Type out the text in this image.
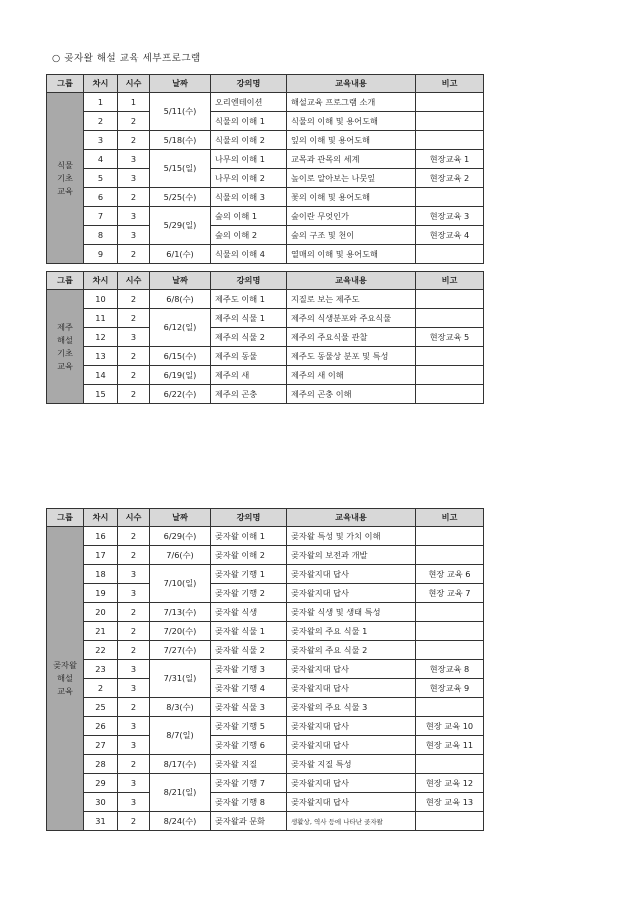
○ 곶자왈 해설 교육 세부프로그램
그룹	차시	시수	날짜	강의명	교육내용	비고
식물
기초
교육	1	1	5/11(수)	오리엔테이션	해설교육 프로그램 소개	
	2	2		식물의 이해 1	식물의 이해 및 용어도해	
	3	2	5/18(수)	식물의 이해 2	잎의 이해 및 용어도해	
	4	3	5/15(일)	나무의 이해 1	교목과 관목의 세계	현장교육 1
	5	3		나무의 이해 2	높이로 알아보는 나뭇잎	현장교육 2
	6	2	5/25(수)	식물의 이해 3	꽃의 이해 및 용어도해	
	7	3	5/29(일)	숲의 이해 1	숲이란 무엇인가	현장교육 3
	8	3		숲의 이해 2	숲의 구조 및 천이	현장교육 4
	9	2	6/1(수)	식물의 이해 4	열매의 이해 및 용어도해	
그룹	차시	시수	날짜	강의명	교육내용	비고
제주
해설
기초
교육	10	2	6/8(수)	제주도 이해 1	지질로 보는 제주도	
	11	2	6/12(일)	제주의 식물 1	제주의 식생분포와 주요식물	
	12	3		제주의 식물 2	제주의 주요식물 관찰	현장교육 5
	13	2	6/15(수)	제주의 동물	제주도 동물상 분포 및 특성	
	14	2	6/19(일)	제주의 새	제주의 새 이해	
	15	2	6/22(수)	제주의 곤충	제주의 곤충 이해	
그룹	차시	시수	날짜	강의명	교육내용	비고
곶자왈
해설
교육	16	2	6/29(수)	곶자왈 이해 1	곶자왈 특성 및 가치 이해	
	17	2	7/6(수)	곶자왈 이해 2	곶자왈의 보전과 개발	
	18	3	7/10(일)	곶자왈 기행 1	곶자왈지대 답사	현장 교육 6
	19	3		곶자왈 기행 2	곶자왈지대 답사	현장 교육 7
	20	2	7/13(수)	곶자왈 식생	곶자왈 식생 및 생태 특성	
	21	2	7/20(수)	곶자왈 식물 1	곶자왈의 주요 식물 1	
	22	2	7/27(수)	곶자왈 식물 2	곶자왈의 주요 식물 2	
	23	3	7/31(일)	곶자왈 기행 3	곶자왈지대 답사	현장교육 8
	2	3		곶자왈 기행 4	곶자왈지대 답사	현장교육 9
	25	2	8/3(수)	곶자왈 식물 3	곶자왈의 주요 식물 3	
	26	3	8/7(일)	곶자왈 기행 5	곶자왈지대 답사	현장 교육 10
	27	3		곶자왈 기행 6	곶자왈지대 답사	현장 교육 11
	28	2	8/17(수)	곶자왈 지질	곶자왈 지질 특성	
	29	3	8/21(일)	곶자왈 기행 7	곶자왈지대 답사	현장 교육 12
	30	3		곶자왈 기행 8	곶자왈지대 답사	현장 교육 13
	31	2	8/24(수)	곶자왈과 문화	생활상, 역사 등에 나타난 곶자왈	
